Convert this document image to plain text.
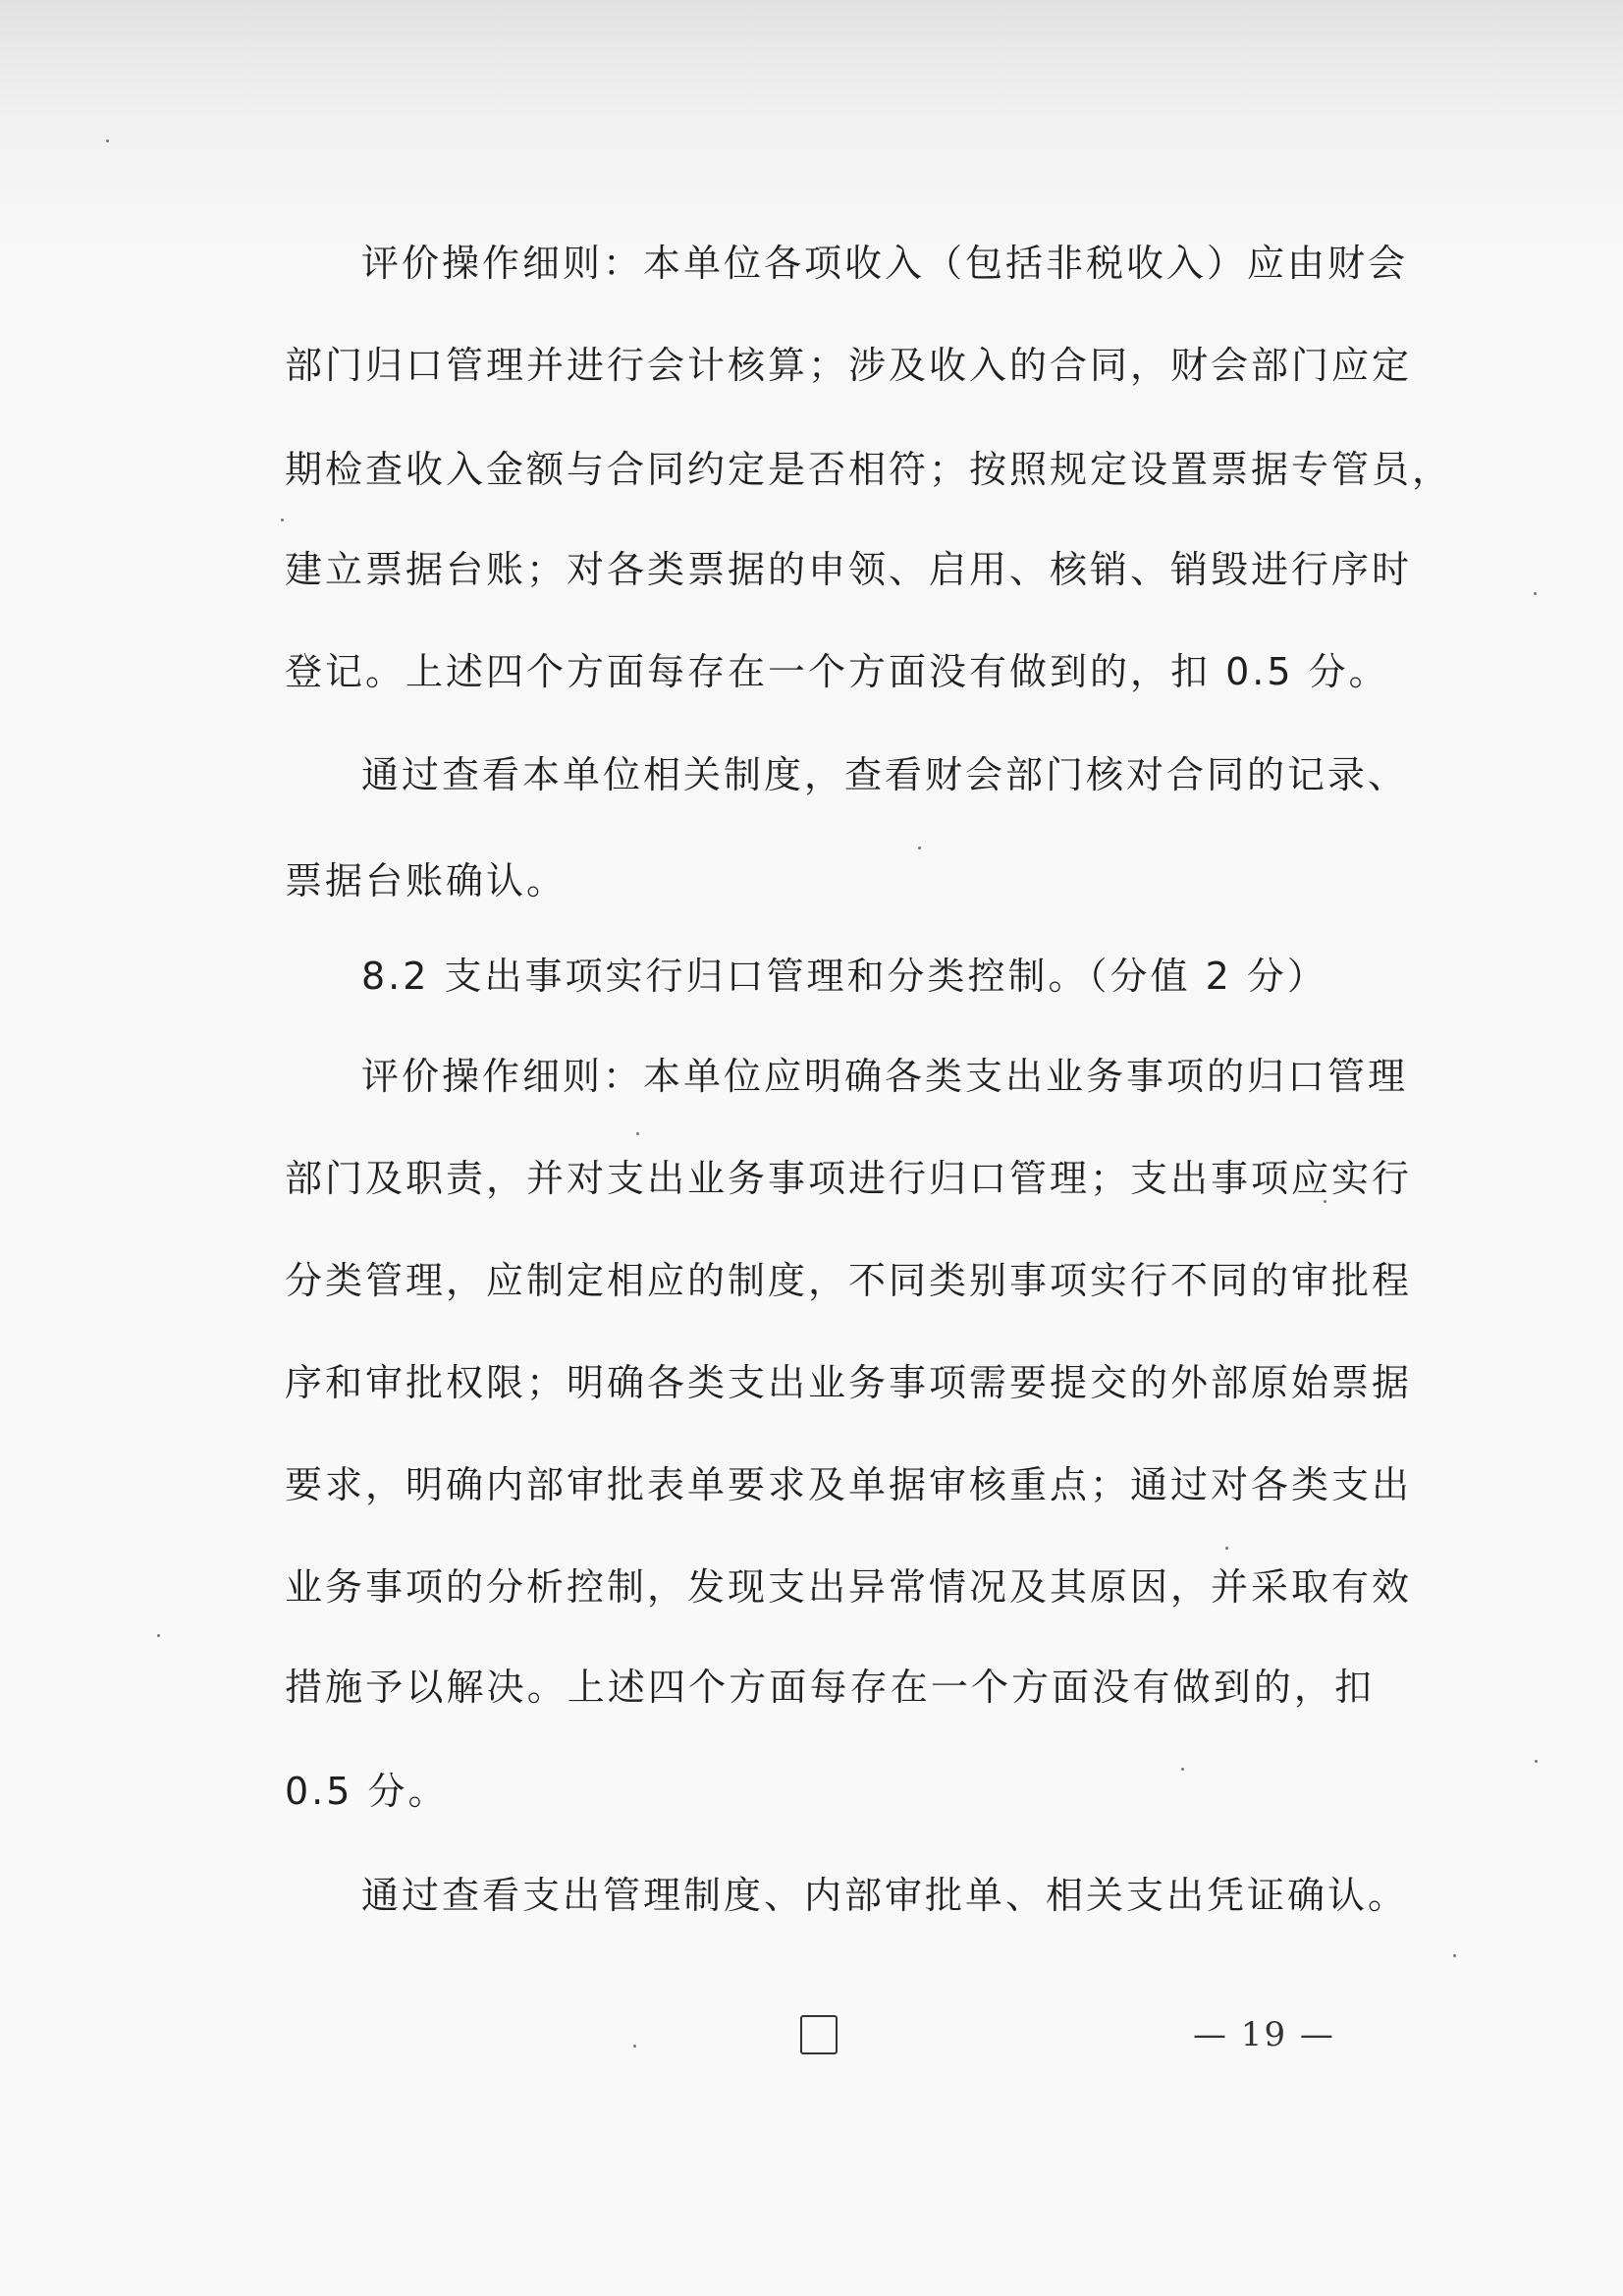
评价操作细则：本单位各项收入（包括非税收入）应由财会
部门归口管理并进行会计核算；涉及收入的合同，财会部门应定
期检查收入金额与合同约定是否相符；按照规定设置票据专管员，
建立票据台账；对各类票据的申领、启用、核销、销毁进行序时
登记。上述四个方面每存在一个方面没有做到的，扣 0.5 分。
通过查看本单位相关制度，查看财会部门核对合同的记录、
票据台账确认。
8.2 支出事项实行归口管理和分类控制。（分值 2 分）
评价操作细则：本单位应明确各类支出业务事项的归口管理
部门及职责，并对支出业务事项进行归口管理；支出事项应实行
分类管理，应制定相应的制度，不同类别事项实行不同的审批程
序和审批权限；明确各类支出业务事项需要提交的外部原始票据
要求，明确内部审批表单要求及单据审核重点；通过对各类支出
业务事项的分析控制，发现支出异常情况及其原因，并采取有效
措施予以解决。上述四个方面每存在一个方面没有做到的，扣
0.5 分。
通过查看支出管理制度、内部审批单、相关支出凭证确认。
— 19 —
